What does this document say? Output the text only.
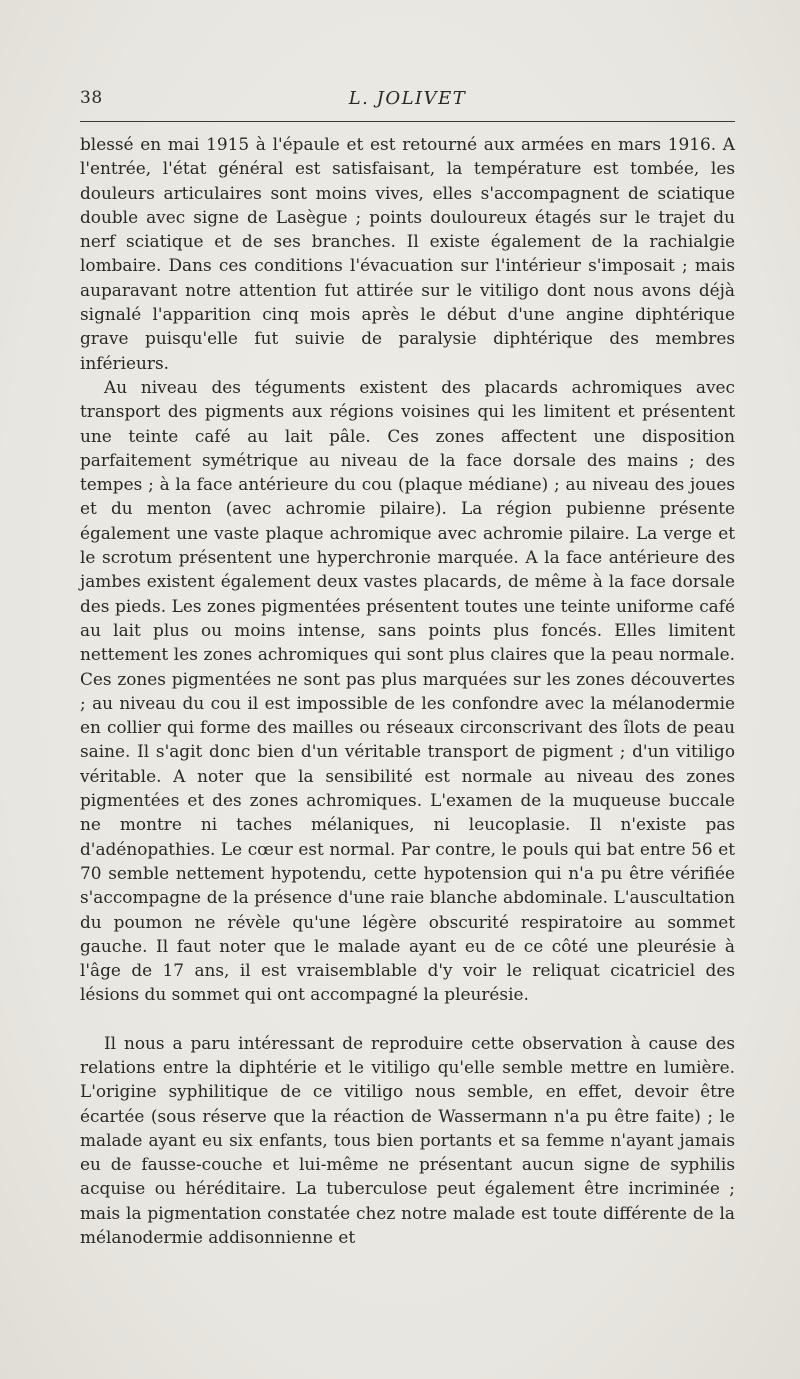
38	L. JOLIVET

blessé en mai 1915 à l'épaule et est retourné aux armées en mars 1916. A l'entrée, l'état général est satisfaisant, la température est tombée, les douleurs articulaires sont moins vives, elles s'accompagnent de sciatique double avec signe de Lasègue ; points douloureux étagés sur le trajet du nerf sciatique et de ses branches. Il existe également de la rachialgie lombaire. Dans ces conditions l'évacuation sur l'intérieur s'imposait ; mais auparavant notre attention fut attirée sur le vitiligo dont nous avons déjà signalé l'apparition cinq mois après le début d'une angine diphtérique grave puisqu'elle fut suivie de paralysie diphtérique des membres inférieurs.

Au niveau des téguments existent des placards achromiques avec transport des pigments aux régions voisines qui les limitent et présentent une teinte café au lait pâle. Ces zones affectent une disposition parfaitement symétrique au niveau de la face dorsale des mains ; des tempes ; à la face antérieure du cou (plaque médiane) ; au niveau des joues et du menton (avec achromie pilaire). La région pubienne présente également une vaste plaque achromique avec achromie pilaire. La verge et le scrotum présentent une hyperchronie marquée. A la face antérieure des jambes existent également deux vastes placards, de même à la face dorsale des pieds. Les zones pigmentées présentent toutes une teinte uniforme café au lait plus ou moins intense, sans points plus foncés. Elles limitent nettement les zones achromiques qui sont plus claires que la peau normale. Ces zones pigmentées ne sont pas plus marquées sur les zones découvertes ; au niveau du cou il est impossible de les confondre avec la mélanodermie en collier qui forme des mailles ou réseaux circonscrivant des îlots de peau saine. Il s'agit donc bien d'un véritable transport de pigment ; d'un vitiligo véritable. A noter que la sensibilité est normale au niveau des zones pigmentées et des zones achromiques. L'examen de la muqueuse buccale ne montre ni taches mélaniques, ni leucoplasie. Il n'existe pas d'adénopathies. Le cœur est normal. Par contre, le pouls qui bat entre 56 et 70 semble nettement hypotendu, cette hypotension qui n'a pu être vérifiée s'accompagne de la présence d'une raie blanche abdominale. L'auscultation du poumon ne révèle qu'une légère obscurité respiratoire au sommet gauche. Il faut noter que le malade ayant eu de ce côté une pleurésie à l'âge de 17 ans, il est vraisemblable d'y voir le reliquat cicatriciel des lésions du sommet qui ont accompagné la pleurésie.

Il nous a paru intéressant de reproduire cette observation à cause des relations entre la diphtérie et le vitiligo qu'elle semble mettre en lumière. L'origine syphilitique de ce vitiligo nous semble, en effet, devoir être écartée (sous réserve que la réaction de Wassermann n'a pu être faite) ; le malade ayant eu six enfants, tous bien portants et sa femme n'ayant jamais eu de fausse-couche et lui-même ne présentant aucun signe de syphilis acquise ou héréditaire. La tuberculose peut également être incriminée ; mais la pigmentation constatée chez notre malade est toute différente de la mélanodermie addisonnienne et
